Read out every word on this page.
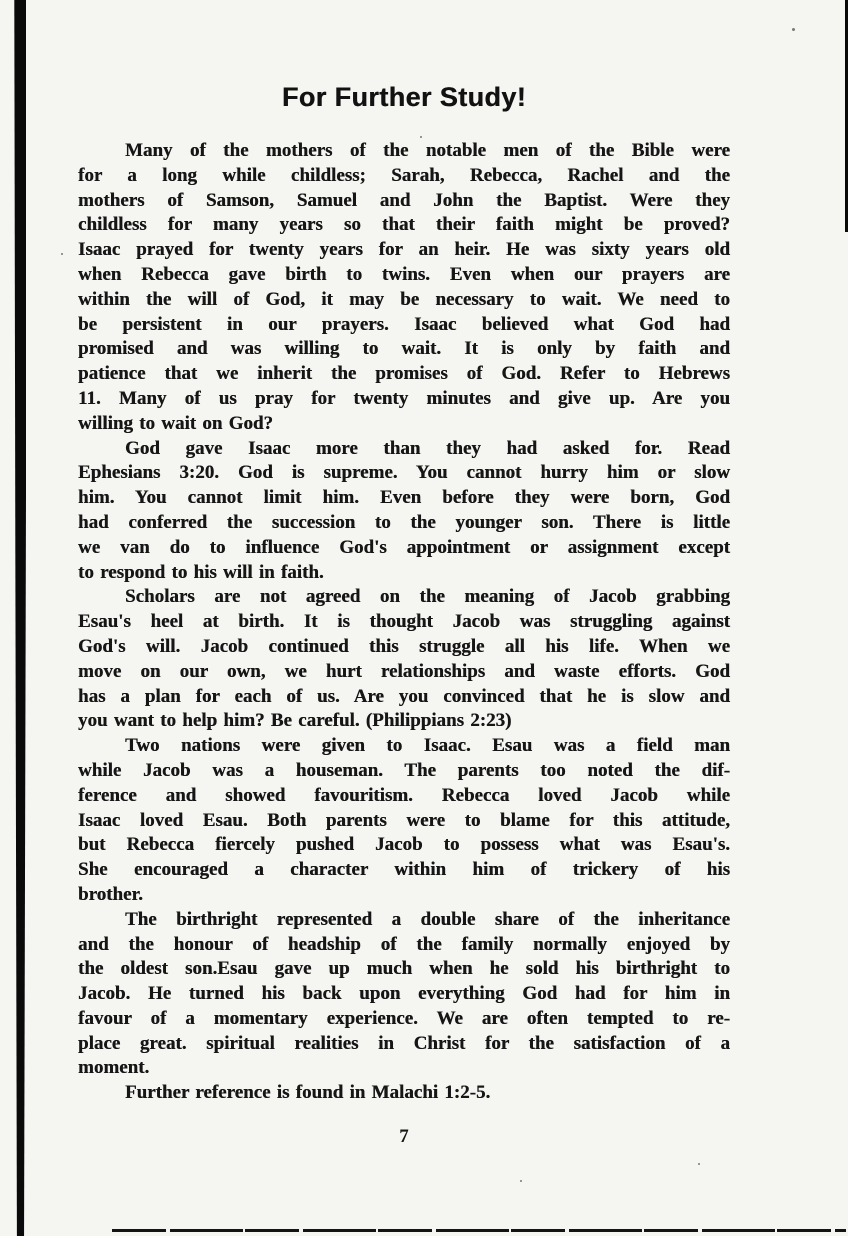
For Further Study!
Many of the mothers of the notable men of the Bible were
for a long while childless; Sarah, Rebecca, Rachel and the
mothers of Samson, Samuel and John the Baptist. Were they
childless for many years so that their faith might be proved?
Isaac prayed for twenty years for an heir. He was sixty years old
when Rebecca gave birth to twins. Even when our prayers are
within the will of God, it may be necessary to wait. We need to
be persistent in our prayers. Isaac believed what God had
promised and was willing to wait. It is only by faith and
patience that we inherit the promises of God. Refer to Hebrews
11. Many of us pray for twenty minutes and give up. Are you
willing to wait on God?
God gave Isaac more than they had asked for. Read
Ephesians 3:20. God is supreme. You cannot hurry him or slow
him. You cannot limit him. Even before they were born, God
had conferred the succession to the younger son. There is little
we van do to influence God's appointment or assignment except
to respond to his will in faith.
Scholars are not agreed on the meaning of Jacob grabbing
Esau's heel at birth. It is thought Jacob was struggling against
God's will. Jacob continued this struggle all his life. When we
move on our own, we hurt relationships and waste efforts. God
has a plan for each of us. Are you convinced that he is slow and
you want to help him? Be careful. (Philippians 2:23)
Two nations were given to Isaac. Esau was a field man
while Jacob was a houseman. The parents too noted the dif-
ference and showed favouritism. Rebecca loved Jacob while
Isaac loved Esau. Both parents were to blame for this attitude,
but Rebecca fiercely pushed Jacob to possess what was Esau's.
She encouraged a character within him of trickery of his
brother.
The birthright represented a double share of the inheritance
and the honour of headship of the family normally enjoyed by
the oldest son.Esau gave up much when he sold his birthright to
Jacob. He turned his back upon everything God had for him in
favour of a momentary experience. We are often tempted to re-
place great. spiritual realities in Christ for the satisfaction of a
moment.
Further reference is found in Malachi 1:2-5.
7
